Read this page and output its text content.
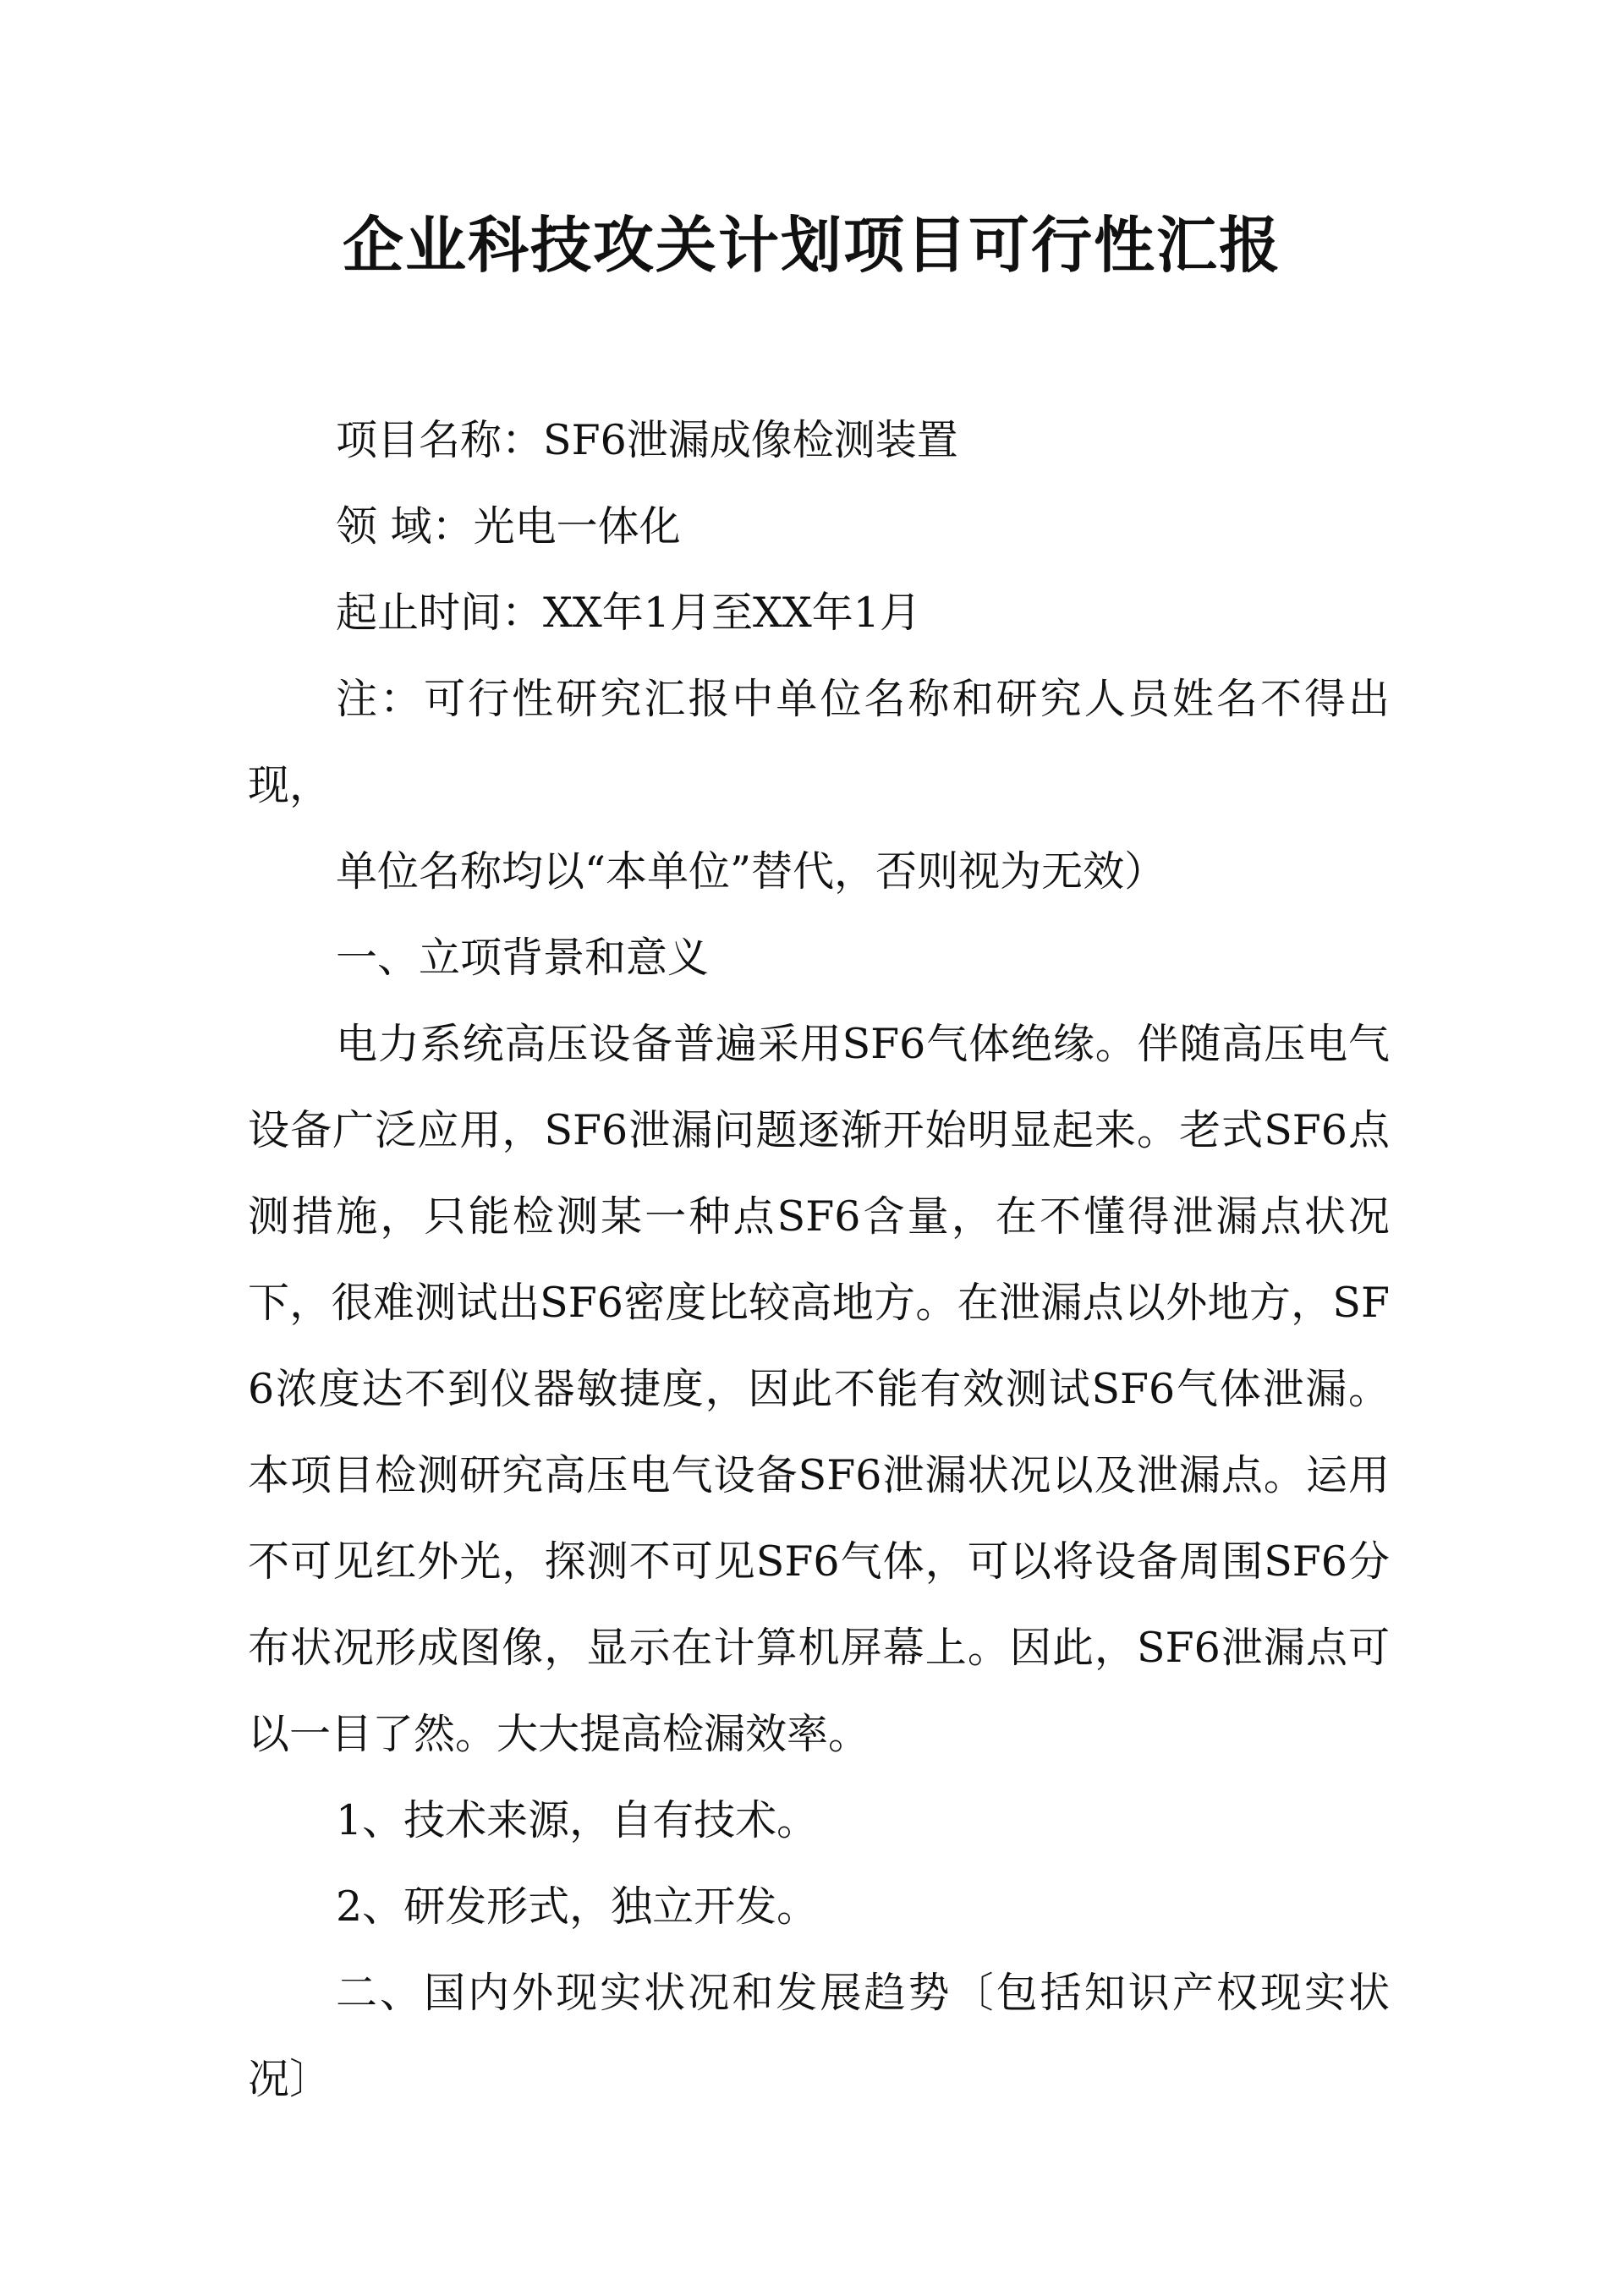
企业科技攻关计划项目可行性汇报

项目名称：SF6泄漏成像检测装置

领 域：光电一体化

起止时间：XX年1月至XX年1月

注：可行性研究汇报中单位名称和研究人员姓名不得出现，

单位名称均以“本单位”替代，否则视为无效）

一、立项背景和意义

电力系统高压设备普遍采用SF6气体绝缘。伴随高压电气设备广泛应用，SF6泄漏问题逐渐开始明显起来。老式SF6点测措施，只能检测某一种点SF6含量，在不懂得泄漏点状况下，很难测试出SF6密度比较高地方。在泄漏点以外地方，SF6浓度达不到仪器敏捷度，因此不能有效测试SF6气体泄漏。本项目检测研究高压电气设备SF6泄漏状况以及泄漏点。运用不可见红外光，探测不可见SF6气体，可以将设备周围SF6分布状况形成图像，显示在计算机屏幕上。因此，SF6泄漏点可以一目了然。大大提高检漏效率。

1、技术来源，自有技术。

2、研发形式，独立开发。

二、国内外现实状况和发展趋势〔包括知识产权现实状况〕
